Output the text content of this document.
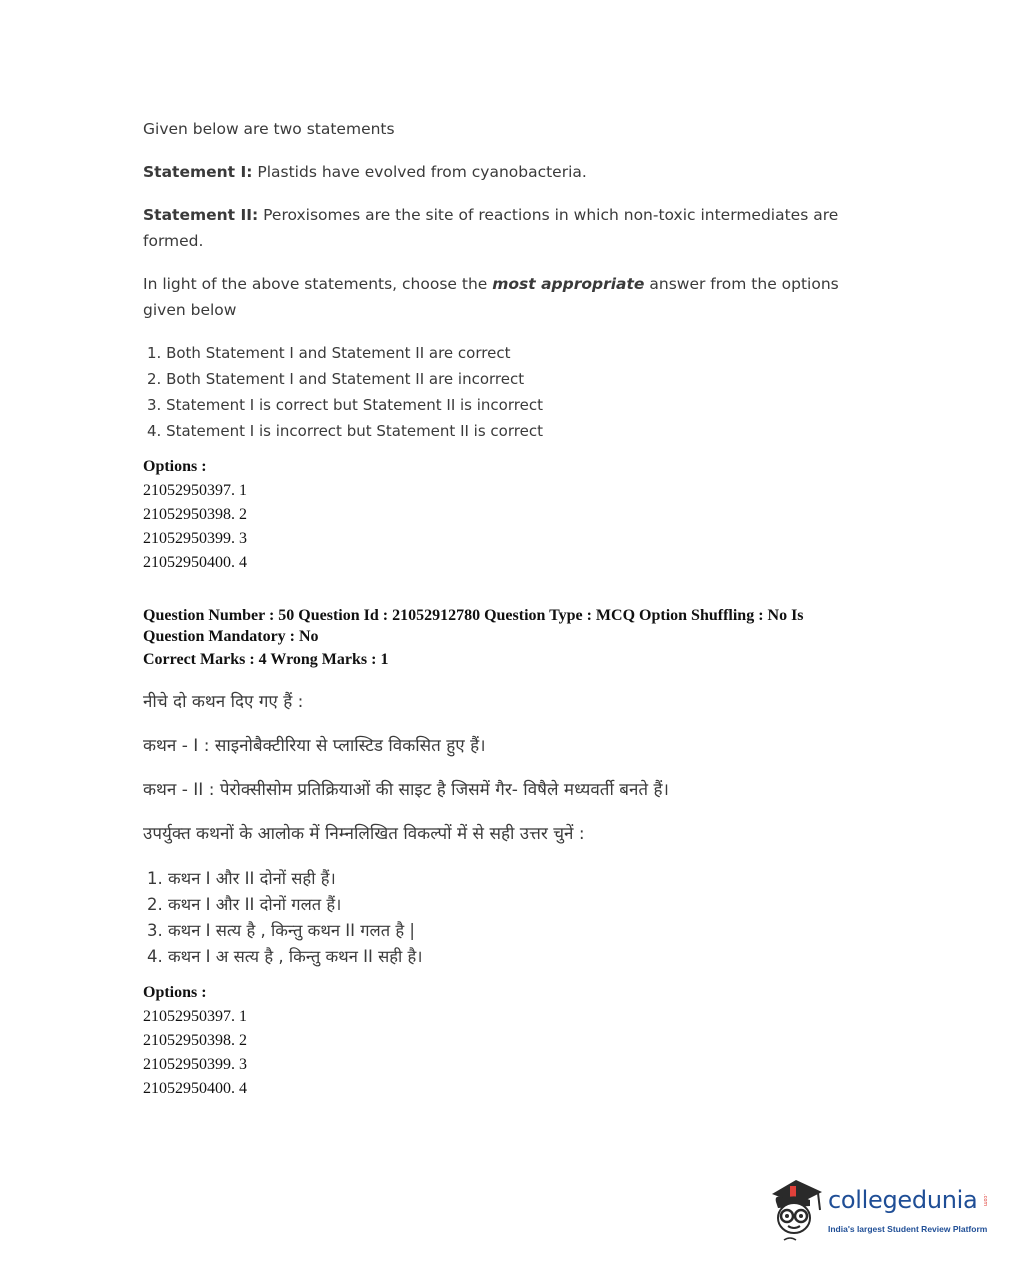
Given below are two statements

Statement I: Plastids have evolved from cyanobacteria.

Statement II: Peroxisomes are the site of reactions in which non-toxic intermediates are formed.

In light of the above statements, choose the most appropriate answer from the options given below

1. Both Statement I and Statement II are correct
2. Both Statement I and Statement II are incorrect
3. Statement I is correct but Statement II is incorrect
4. Statement I is incorrect but Statement II is correct
Options :
21052950397. 1
21052950398. 2
21052950399. 3
21052950400. 4
Question Number : 50 Question Id : 21052912780 Question Type : MCQ Option Shuffling : No Is
Question Mandatory : No
Correct Marks : 4 Wrong Marks : 1

नीचे दो कथन दिए गए हैं :

कथन - I : साइनोबैक्टीरिया से प्लास्टिड विकसित हुए हैं।

कथन - II : पेरोक्सीसोम प्रतिक्रियाओं की साइट है जिसमें गैर- विषैले मध्यवर्ती बनते हैं।

उपर्युक्त कथनों के आलोक में निम्नलिखित विकल्पों में से सही उत्तर चुनें :

1. कथन I और II दोनों सही हैं।
2. कथन I और II दोनों गलत हैं।
3. कथन I सत्य है , किन्तु कथन II गलत है |
4. कथन I अ सत्य है , किन्तु कथन II सही है।
Options :
21052950397. 1
21052950398. 2
21052950399. 3
21052950400. 4
collegedunia .com
India's largest Student Review Platform
